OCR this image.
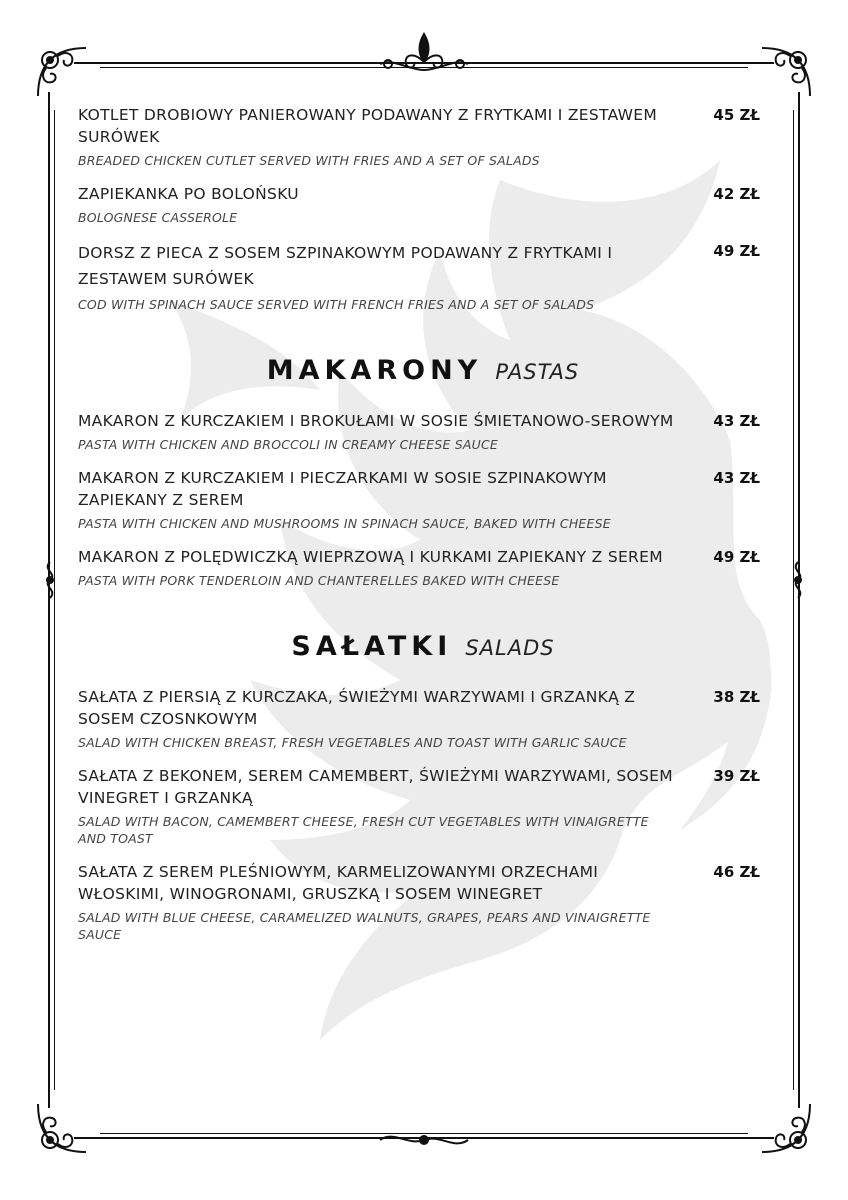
KOTLET DROBIOWY PANIEROWANY PODAWANY Z FRYTKAMI I ZESTAWEM SURÓWEK
BREADED CHICKEN CUTLET SERVED WITH FRIES AND A SET OF SALADS
45 ZŁ
ZAPIEKANKA PO BOLOŃSKU
BOLOGNESE CASSEROLE
42 ZŁ
DORSZ Z PIECA Z SOSEM SZPINAKOWYM PODAWANY Z FRYTKAMI I ZESTAWEM SURÓWEK
COD WITH SPINACH SAUCE SERVED WITH FRENCH FRIES AND A SET OF SALADS
49 ZŁ
MAKARONY PASTAS
MAKARON Z KURCZAKIEM I BROKUŁAMI W SOSIE ŚMIETANOWO-SEROWYM
PASTA WITH CHICKEN AND BROCCOLI IN CREAMY CHEESE SAUCE
43 ZŁ
MAKARON Z KURCZAKIEM I PIECZARKAMI W SOSIE SZPINAKOWYM ZAPIEKANY Z SEREM
PASTA WITH CHICKEN AND MUSHROOMS IN SPINACH SAUCE, BAKED WITH CHEESE
43 ZŁ
MAKARON Z POLĘDWICZKĄ WIEPRZOWĄ I KURKAMI ZAPIEKANY Z SEREM
PASTA WITH PORK TENDERLOIN AND CHANTERELLES BAKED WITH CHEESE
49 ZŁ
SAŁATKI SALADS
SAŁATA Z PIERSIĄ Z KURCZAKA, ŚWIEŻYMI WARZYWAMI I GRZANKĄ Z SOSEM CZOSNKOWYM
SALAD WITH CHICKEN BREAST, FRESH VEGETABLES AND TOAST WITH GARLIC SAUCE
38 ZŁ
SAŁATA Z BEKONEM, SEREM CAMEMBERT, ŚWIEŻYMI WARZYWAMI, SOSEM VINEGRET I GRZANKĄ
SALAD WITH BACON, CAMEMBERT CHEESE, FRESH CUT VEGETABLES WITH VINAIGRETTE AND TOAST
39 ZŁ
SAŁATA Z SEREM PLEŚNIOWYM, KARMELIZOWANYMI ORZECHAMI WŁOSKIMI, WINOGRONAMI, GRUSZKĄ I SOSEM WINEGRET
SALAD WITH BLUE CHEESE, CARAMELIZED WALNUTS, GRAPES, PEARS AND VINAIGRETTE SAUCE
46 ZŁ
